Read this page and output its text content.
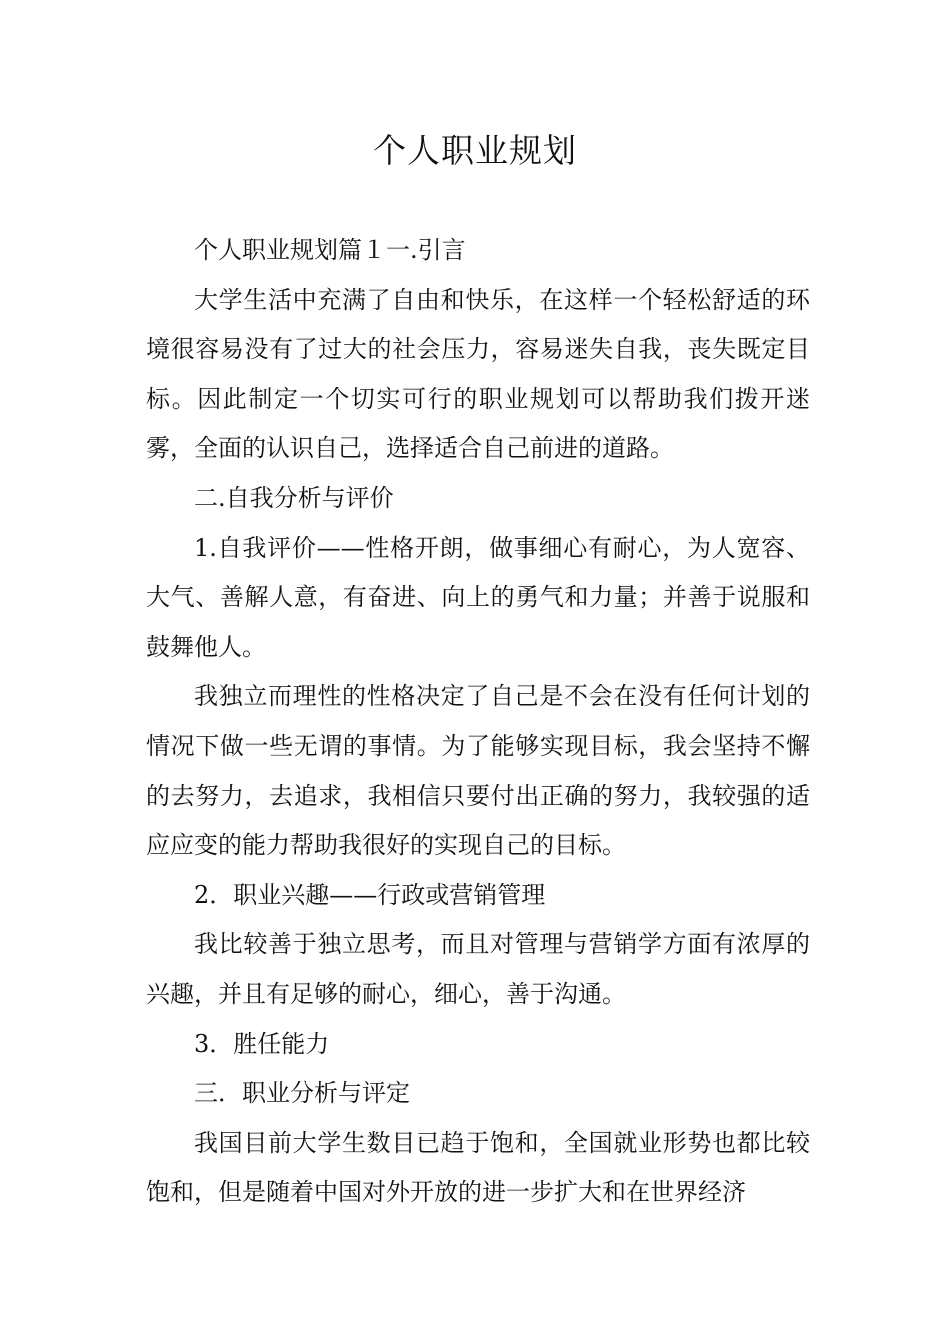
个人职业规划

个人职业规划篇１一.引言

大学生活中充满了自由和快乐，在这样一个轻松舒适的环境很容易没有了过大的社会压力，容易迷失自我，丧失既定目标。因此制定一个切实可行的职业规划可以帮助我们拨开迷雾，全面的认识自己，选择适合自己前进的道路。

二.自我分析与评价

1.自我评价——性格开朗，做事细心有耐心，为人宽容、大气、善解人意，有奋进、向上的勇气和力量；并善于说服和鼓舞他人。

我独立而理性的性格决定了自己是不会在没有任何计划的情况下做一些无谓的事情。为了能够实现目标，我会坚持不懈的去努力，去追求，我相信只要付出正确的努力，我较强的适应应变的能力帮助我很好的实现自己的目标。

2．职业兴趣——行政或营销管理

我比较善于独立思考，而且对管理与营销学方面有浓厚的兴趣，并且有足够的耐心，细心，善于沟通。

3．胜任能力

三．职业分析与评定

我国目前大学生数目已趋于饱和，全国就业形势也都比较饱和，但是随着中国对外开放的进一步扩大和在世界经济
